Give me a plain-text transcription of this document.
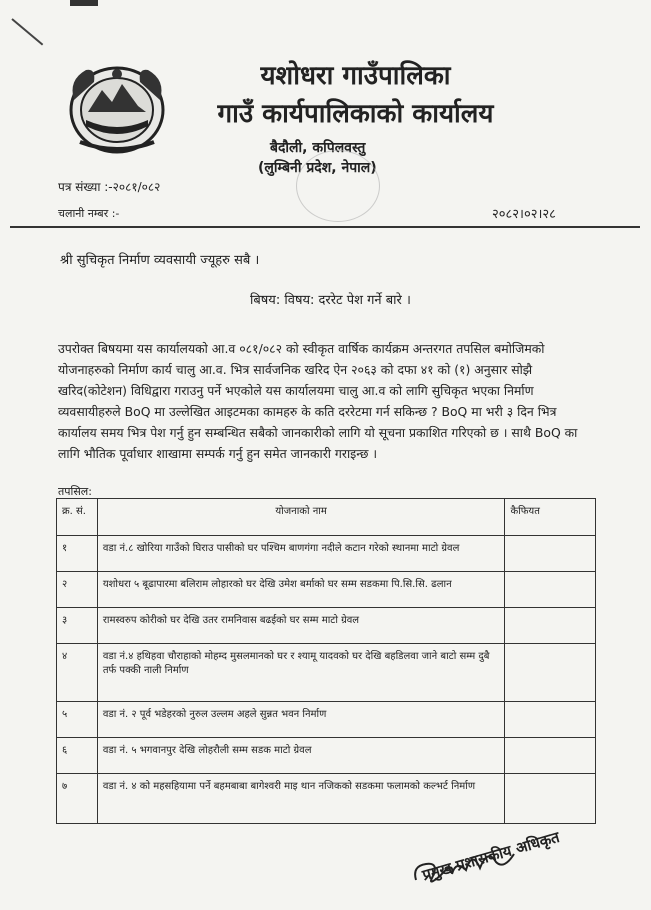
यशोधरा गाउँपालिका
गाउँ कार्यपालिकाको कार्यालय
बैदौली, कपिलवस्तु
(लुम्बिनी प्रदेश, नेपाल)
पत्र संख्या :-२०८१/०८२
चलानी नम्बर :-	२०८२।०२।२८
श्री सुचिकृत निर्माण व्यवसायी ज्यूहरु सबै ।
बिषय: विषय: दररेट पेश गर्ने बारे ।
उपरोक्त बिषयमा यस कार्यालयको आ.व ०८१/०८२ को स्वीकृत वार्षिक कार्यक्रम अन्तरगत तपसिल बमोजिमको योजनाहरुको निर्माण कार्य चालु आ.व. भित्र सार्वजनिक खरिद ऐन २०६३ को दफा ४१ को (१) अनुसार सोझै खरिद(कोटेशन) विधिद्वारा गराउनु पर्ने भएकोले यस कार्यालयमा चालु आ.व को लागि सुचिकृत भएका निर्माण व्यवसायीहरुले BoQ मा उल्लेखित आइटमका कामहरु के कति दररेटमा गर्न सकिन्छ ? BoQ मा भरी ३ दिन भित्र कार्यालय समय भित्र पेश गर्नु हुन सम्बन्धित सबैको जानकारीको लागि यो सूचना प्रकाशित गरिएको छ । साथै BoQ का लागि भौतिक पूर्वाधार शाखामा सम्पर्क गर्नु हुन समेत जानकारी गराइन्छ ।
तपसिल:
क्र. सं.	योजनाको नाम	कैफियत
१	वडा नं.८ खोरिया गाउँको घिराउ पासीको घर पश्चिम बाणगंगा नदीले कटान गरेको स्थानमा माटो ग्रेवल	
२	यशोधरा ५ बूढापारमा बलिराम लोहारको घर देखि उमेश बर्माको घर सम्म सडकमा पि.सि.सि. ढलान	
३	रामस्वरुप कोरीको घर देखि उतर रामनिवास बढईको घर सम्म माटो ग्रेवल	
४	वडा नं.४ हथिहवा चौराहाको मोहम्द मुसलमानको घर र श्यामू यादवको घर देखि बहडिलवा जाने बाटो सम्म दुबै तर्फ पक्की नाली निर्माण	
५	वडा नं. २ पूर्व भडेहरको नुरुल उल्लम अहले सुन्नत भवन निर्माण	
६	वडा नं. ५ भगवानपुर देखि लोहरौली सम्म सडक माटो ग्रेवल	
७	वडा नं. ४ को महसहियामा पर्ने बहमबाबा बागेश्वरी माइ थान नजिकको सडकमा फलामको कल्भर्ट निर्माण	
प्रमुख प्रशासकीय अधिकृत
